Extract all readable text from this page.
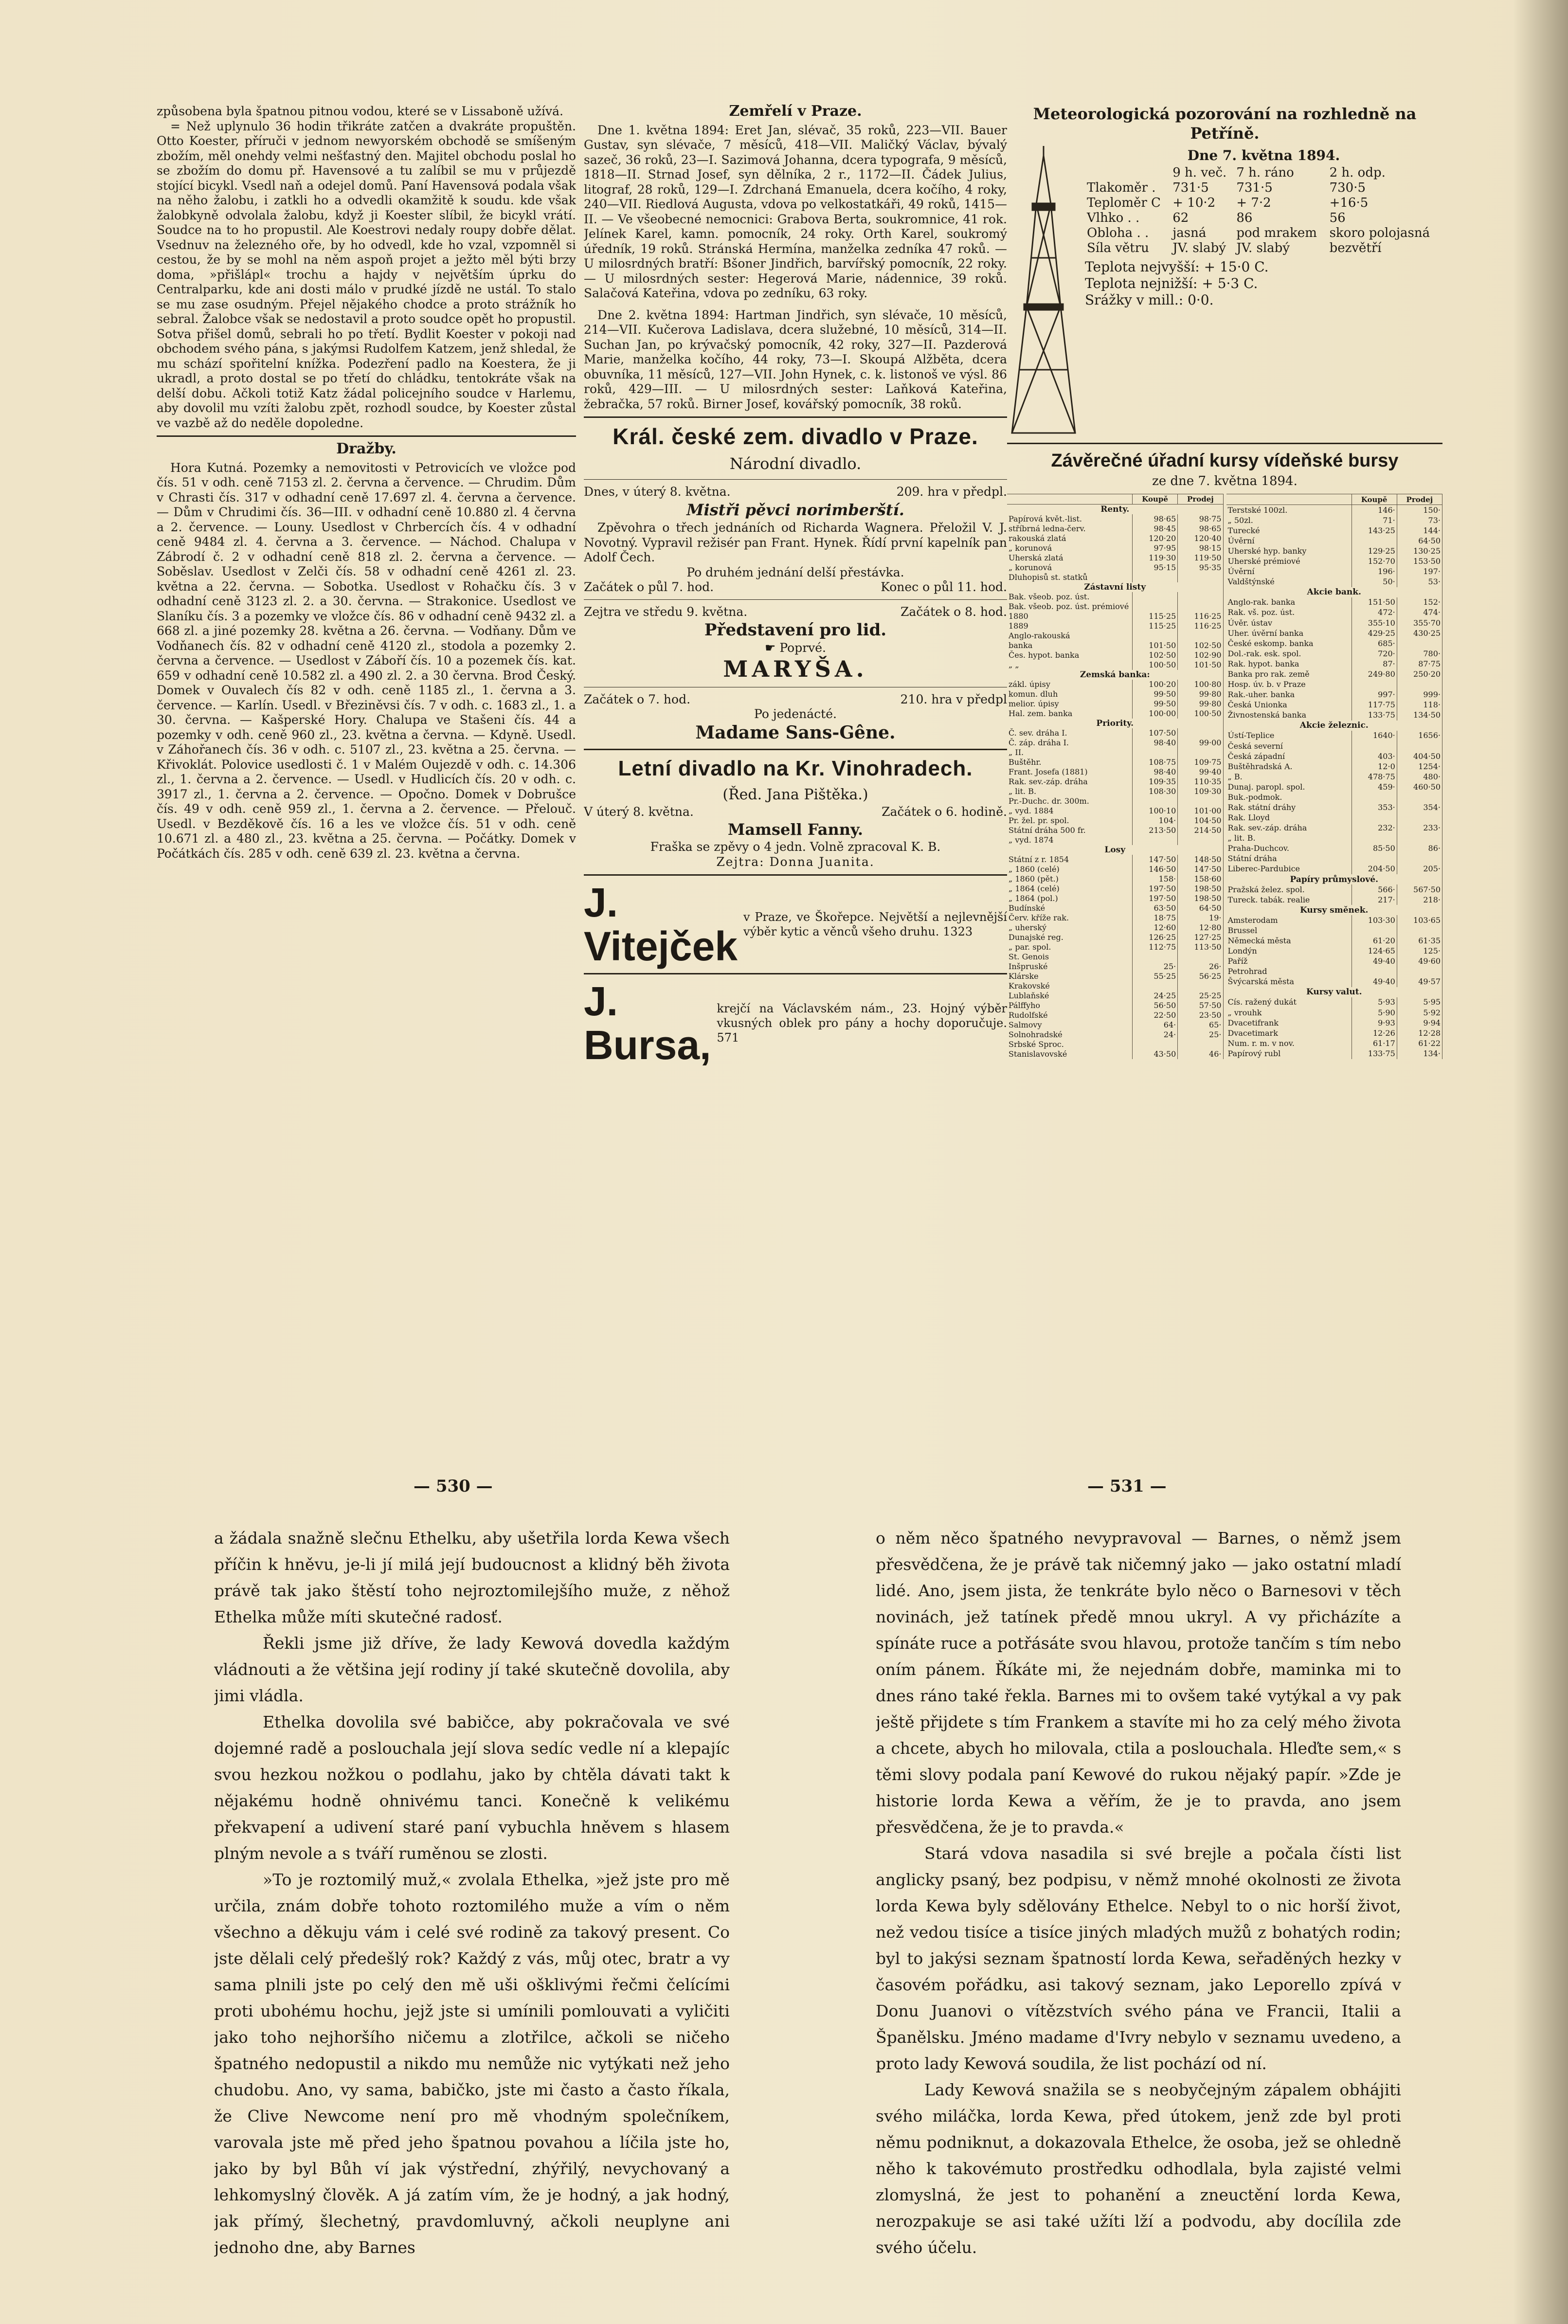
způsobena byla špatnou pitnou vodou, které se v Lissaboně užívá.

= Než uplynulo 36 hodin třikráte zatčen a dvakráte propuštěn. Otto Koester, příruči v jednom newyorském obchodě se smíšeným zbožím, měl onehdy velmi nešťastný den. Majitel obchodu poslal ho se zbožím do domu př. Havensové a tu zalíbil se mu v průjezdě stojící bicykl. Vsedl naň a odejel domů. Paní Havensová podala však na něho žalobu, i zatkli ho a odvedli okamžitě k soudu. kde však žalobkyně odvolala žalobu, když ji Koester slíbil, že bicykl vrátí. Soudce na to ho propustil. Ale Koestrovi nedaly roupy dobře dělat. Vsednuv na železného oře, by ho odvedl, kde ho vzal, vzpomněl si cestou, že by se mohl na něm aspoň projet a ježto měl býti brzy doma, »přišlápl« trochu a hajdy v největším úprku do Centralparku, kde ani dosti málo v prudké jízdě ne ustál. To stalo se mu zase osudným. Přejel nějakého chodce a proto strážník ho sebral. Žalobce však se nedostavil a proto soudce opět ho propustil. Sotva přišel domů, sebrali ho po třetí. Bydlit Koester v pokoji nad obchodem svého pána, s jakýmsi Rudolfem Katzem, jenž shledal, že mu schází spořitelní knížka. Podezření padlo na Koestera, že ji ukradl, a proto dostal se po třetí do chládku, tentokráte však na delší dobu. Ačkoli totiž Katz žádal policejního soudce v Harlemu, aby dovolil mu vzíti žalobu zpět, rozhodl soudce, by Koester zůstal ve vazbě až do neděle dopoledne.

Dražby.

Hora Kutná. Pozemky a nemovitosti v Petrovicích ve vložce pod čís. 51 v odh. ceně 7153 zl. 2. června a července. — Chrudim. Dům v Chrasti čís. 317 v odhadní ceně 17.697 zl. 4. června a července. — Dům v Chrudimi čís. 36—III. v odhadní ceně 10.880 zl. 4 června a 2. července. — Louny. Usedlost v Chrbercích čís. 4 v odhadní ceně 9484 zl. 4. června a 3. července. — Náchod. Chalupa v Zábrodí č. 2 v odhadní ceně 818 zl. 2. června a července. — Soběslav. Usedlost v Zelči čís. 58 v odhadní ceně 4261 zl. 23. května a 22. června. — Sobotka. Usedlost v Rohačku čís. 3 v odhadní ceně 3123 zl. 2. a 30. června. — Strakonice. Usedlost ve Slaníku čís. 3 a pozemky ve vložce čís. 86 v odhadní ceně 9432 zl. a 668 zl. a jiné pozemky 28. května a 26. června. — Vodňany. Dům ve Vodňanech čís. 82 v odhadní ceně 4120 zl., stodola a pozemky 2. června a července. — Usedlost v Záboří čís. 10 a pozemek čís. kat. 659 v odhadní ceně 10.582 zl. a 490 zl. 2. a 30 června. Brod Český. Domek v Ouvalech čís 82 v odh. ceně 1185 zl., 1. června a 3. července. — Karlín. Usedl. v Březiněvsi čís. 7 v odh. c. 1683 zl., 1. a 30. června. — Kašperské Hory. Chalupa ve Stašeni čís. 44 a pozemky v odh. ceně 960 zl., 23. května a června. — Kdyně. Usedl. v Záhořanech čís. 36 v odh. c. 5107 zl., 23. května a 25. června. — Křivoklát. Polovice usedlosti č. 1 v Malém Oujezdě v odh. c. 14.306 zl., 1. června a 2. července. — Usedl. v Hudlicích čís. 20 v odh. c. 3917 zl., 1. června a 2. července. — Opočno. Domek v Dobrušce čís. 49 v odh. ceně 959 zl., 1. června a 2. července. — Přelouč. Usedl. v Bezděkově čís. 16 a les ve vložce čís. 51 v odh. ceně 10.671 zl. a 480 zl., 23. května a 25. června. — Počátky. Domek v Počátkách čís. 285 v odh. ceně 639 zl. 23. května a června.

Zemřelí v Praze.

Dne 1. května 1894: Eret Jan, slévač, 35 roků, 223—VII. Bauer Gustav, syn slévače, 7 měsíců, 418—VII. Maličký Václav, bývalý sazeč, 36 roků, 23—I. Sazimová Johanna, dcera typografa, 9 měsíců, 1818—II. Strnad Josef, syn dělníka, 2 r., 1172—II. Čádek Julius, litograf, 28 roků, 129—I. Zdrchaná Emanuela, dcera kočího, 4 roky, 240—VII. Riedlová Augusta, vdova po velkostatkáři, 49 roků, 1415—II. — Ve všeobecné nemocnici: Grabova Berta, soukromnice, 41 rok. Jelínek Karel, kamn. pomocník, 24 roky. Orth Karel, soukromý úředník, 19 roků. Stránská Hermína, manželka zedníka 47 roků. — U milosrdných bratří: Bšoner Jindřich, barvířský pomocník, 22 roky. — U milosrdných sester: Hegerová Marie, nádennice, 39 roků. Salačová Kateřina, vdova po zedníku, 63 roky.

Dne 2. května 1894: Hartman Jindřich, syn slévače, 10 měsíců, 214—VII. Kučerova Ladislava, dcera služebné, 10 měsíců, 314—II. Suchan Jan, po krývačský pomocník, 42 roky, 327—II. Pazderová Marie, manželka kočího, 44 roky, 73—I. Skoupá Alžběta, dcera obuvníka, 11 měsíců, 127—VII. John Hynek, c. k. listonoš ve výsl. 86 roků, 429—III. — U milosrdných sester: Laňková Kateřina, žebračka, 57 roků. Birner Josef, kovářský pomocník, 38 roků.

Král. české zem. divadlo v Praze.
Národní divadlo.
Dnes, v úterý 8. května.	209. hra v předpl.
Mistři pěvci norimberští.

Zpěvohra o třech jednáních od Richarda Wagnera. Přeložil V. J. Novotný. Vypravil režisér pan Frant. Hynek. Řídí první kapelník pan Adolf Čech.

Po druhém jednání delší přestávka.
Začátek o půl 7. hod.	Konec o půl 11. hod.
Zejtra ve středu 9. května.	Začátek o 8. hod.
Představení pro lid.
☛ Poprvé.
MARYŠA.
Začátek o 7. hod.	210. hra v předpl
Po jedenácté.
Madame Sans-Gêne.
Letní divadlo na Kr. Vinohradech.
(Řed. Jana Pištěka.)
V úterý 8. května.	Začátek o 6. hodině.
Mamsell Fanny.
Fraška se zpěvy o 4 jedn. Volně zpracoval K. B.
Zejtra: Donna Juanita.
J. Vitejček
v Praze, ve Škořepce. Největší a nejlevnější výběr kytic a věnců všeho druhu. 1323
J. Bursa,
krejčí na Václavském nám., 23. Hojný výběr vkusných oblek pro pány a hochy doporučuje. 571
Meteorologická pozorování na rozhledně na Petříně.
Dne 7. května 1894.
	9 h. več.	7 h. ráno	2 h. odp.
Tlakoměr .	731·5	731·5	730·5
Teploměr C	+ 10·2	+ 7·2	+16·5
Vlhko . .	62	86	56
Obloha . .	jasná	pod mrakem	skoro polojasná
Síla větru	JV. slabý	JV. slabý	bezvětří
Teplota nejvyšší: + 15·0 C.
Teplota nejnižší: + 5·3 C.
Srážky v mill.: 0·0.
Závěrečné úřadní kursy vídeňské bursy
ze dne 7. května 1894.
	Koupě	Prodej
Renty.		
Papírová květ.-list.	98·65	98·75
stříbrná ledna-červ.	98·45	98·65
rakouská zlatá	120·20	120·40
„ korunová	97·95	98·15
Uherská zlatá	119·30	119·50
„ korunová	95·15	95·35
Dluhopisů st. statků		
Zástavní listy		
Bak. všeob. poz. úst.		
Bak. všeob. poz. úst. prémiové		
1880	115·25	116·25
1889	115·25	116·25
Anglo-rakouská		
banka	101·50	102·50
Čes. hypot. banka	102·50	102·90
„ „	100·50	101·50
Zemská banka:		
zákl. úpisy	100·20	100·80
komun. dluh	99·50	99·80
melior. úpisy	99·50	99·80
Hal. zem. banka	100·00	100·50
Priority.		
Č. sev. dráha I.	107·50	
Č. záp. dráha I.	98·40	99·00
„ II.		
Buštěhr.	108·75	109·75
Frant. Josefa (1881)	98·40	99·40
Rak. sev.-záp. dráha	109·35	110·35
„ lit. B.	108·30	109·30
Pr.-Duchc. dr. 300m.		
„ vyd. 1884	100·10	101·00
Pr. žel. pr. spol.	104·	104·50
Státní dráha 500 fr.	213·50	214·50
„ vyd. 1874		
Losy		
Státní z r. 1854	147·50	148·50
„ 1860 (celé)	146·50	147·50
„ 1860 (pět.)	158·	158·60
„ 1864 (celé)	197·50	198·50
„ 1864 (pol.)	197·50	198·50
Budínské	63·50	64·50
Červ. kříže rak.	18·75	19·
„ uherský	12·60	12·80
Dunajské reg.	126·25	127·25
„ par. spol.	112·75	113·50
St. Genois		
Inšpruské	25·	26·
Klárske	55·25	56·25
Krakovské		
Lublaňské	24·25	25·25
Pálffyho	56·50	57·50
Rudolfské	22·50	23·50
Salmovy	64·	65·
Solnohradské	24·	25·
Srbské Sproc.		
Stanislavovské	43·50	46·
	Koupě	Prodej
Terstské 100zl.	146·	150·
„ 50zl.	71·	73·
Turecké	143·25	144·
Úvěrní		64·50
Uherské hyp. banky	129·25	130·25
Uherské prémiové	152·70	153·50
Úvěrní	196·	197·
Valdštýnské	50·	53·
Akcie bank.		
Anglo-rak. banka	151·50	152·
Rak. vš. poz. úst.	472·	474·
Úvěr. ústav	355·10	355·70
Uher. úvěrní banka	429·25	430·25
České eskomp. banka	685·	
Dol.-rak. esk. spol.	720·	780·
Rak. hypot. banka	87·	87·75
Banka pro rak. země	249·80	250·20
Hosp. úv. b. v Praze		
Rak.-uher. banka	997·	999·
Česká Unionka	117·75	118·
Živnostenská banka	133·75	134·50
Akcie železnic.		
Ústí-Teplice	1640·	1656·
Česká severní		
Česká západní	403·	404·50
Buštěhradská A.	12·0	1254·
„ B.	478·75	480·
Dunaj. paropl. spol.	459·	460·50
Buk.-podmok.		
Rak. státní dráhy	353·	354·
Rak. Lloyd		
Rak. sev.-záp. dráha	232·	233·
„ lit. B.		
Praha-Duchcov.	85·50	86·
Státní dráha		
Liberec-Pardubice	204·50	205·
Papíry průmyslové.		
Pražská želez. spol.	566·	567·50
Tureck. tabák. realie	217·	218·
Kursy směnek.		
Amsterodam	103·30	103·65
Brussel		
Německá města	61·20	61·35
Londýn	124·65	125·
Paříž	49·40	49·60
Petrohrad		
Švýcarská města	49·40	49·57
Kursy valut.		
Cís. ražený dukát	5·93	5·95
„ vrouhk	5·90	5·92
Dvacetifrank	9·93	9·94
Dvacetimark	12·26	12·28
Num. r. m. v nov.	61·17	61·22
Papírový rubl	133·75	134·
— 530 —	— 531 —

a žádala snažně slečnu Ethelku, aby ušetřila lorda Kewa všech příčin k hněvu, je-li jí milá její budoucnost a klidný běh života právě tak jako štěstí toho nejroztomilejšího muže, z něhož Ethelka může míti skutečné radosť.

Řekli jsme již dříve, že lady Kewová dovedla každým vládnouti a že většina její rodiny jí také skutečně dovolila, aby jimi vládla.

Ethelka dovolila své babičce, aby pokračovala ve své dojemné radě a poslouchala její slova sedíc vedle ní a klepajíc svou hezkou nožkou o podlahu, jako by chtěla dávati takt k nějakému hodně ohnivému tanci. Konečně k velikému překvapení a udivení staré paní vybuchla hněvem s hlasem plným nevole a s tváří ruměnou se zlosti.

»To je roztomilý muž,« zvolala Ethelka, »jež jste pro mě určila, znám dobře tohoto roztomilého muže a vím o něm všechno a děkuju vám i celé své rodině za takový present. Co jste dělali celý předešlý rok? Každý z vás, můj otec, bratr a vy sama plnili jste po celý den mě uši ošklivými řečmi čelícími proti ubohému hochu, jejž jste si umínili pomlouvati a vyličiti jako toho nejhoršího ničemu a zlotřilce, ačkoli se ničeho špatného nedopustil a nikdo mu nemůže nic vytýkati než jeho chudobu. Ano, vy sama, babičko, jste mi často a často říkala, že Clive Newcome není pro mě vhodným společníkem, varovala jste mě před jeho špatnou povahou a líčila jste ho, jako by byl Bůh ví jak výstřední, zhýřilý, nevychovaný a lehkomyslný člověk. A já zatím vím, že je hodný, a jak hodný, jak přímý, šlechetný, pravdomluvný, ačkoli neuplyne ani jednoho dne, aby Barnes

o něm něco špatného nevypravoval — Barnes, o němž jsem přesvědčena, že je právě tak ničemný jako — jako ostatní mladí lidé. Ano, jsem jista, že tenkráte bylo něco o Barnesovi v těch novinách, jež tatínek předě mnou ukryl. A vy přicházíte a spínáte ruce a potřásáte svou hlavou, protože tančím s tím nebo oním pánem. Říkáte mi, že nejednám dobře, maminka mi to dnes ráno také řekla. Barnes mi to ovšem také vytýkal a vy pak ještě přijdete s tím Frankem a stavíte mi ho za celý mého života a chcete, abych ho milovala, ctila a poslouchala. Hleďte sem,« s těmi slovy podala paní Kewové do rukou nějaký papír. »Zde je historie lorda Kewa a věřím, že je to pravda, ano jsem přesvědčena, že je to pravda.«

Stará vdova nasadila si své brejle a počala čísti list anglicky psaný, bez podpisu, v němž mnohé okolnosti ze života lorda Kewa byly sdělovány Ethelce. Nebyl to o nic horší život, než vedou tisíce a tisíce jiných mladých mužů z bohatých rodin; byl to jakýsi seznam špatností lorda Kewa, seřaděných hezky v časovém pořádku, asi takový seznam, jako Leporello zpívá v Donu Juanovi o vítězstvích svého pána ve Francii, Italii a Španělsku. Jméno madame d'Ivry nebylo v seznamu uvedeno, a proto lady Kewová soudila, že list pochází od ní.

Lady Kewová snažila se s neobyčejným zápalem obhájiti svého miláčka, lorda Kewa, před útokem, jenž zde byl proti němu podniknut, a dokazovala Ethelce, že osoba, jež se ohledně něho k takovémuto prostředku odhodlala, byla zajisté velmi zlomyslná, že jest to pohanění a zneuctění lorda Kewa, nerozpakuje se asi také užíti lží a podvodu, aby docílila zde svého účelu.
